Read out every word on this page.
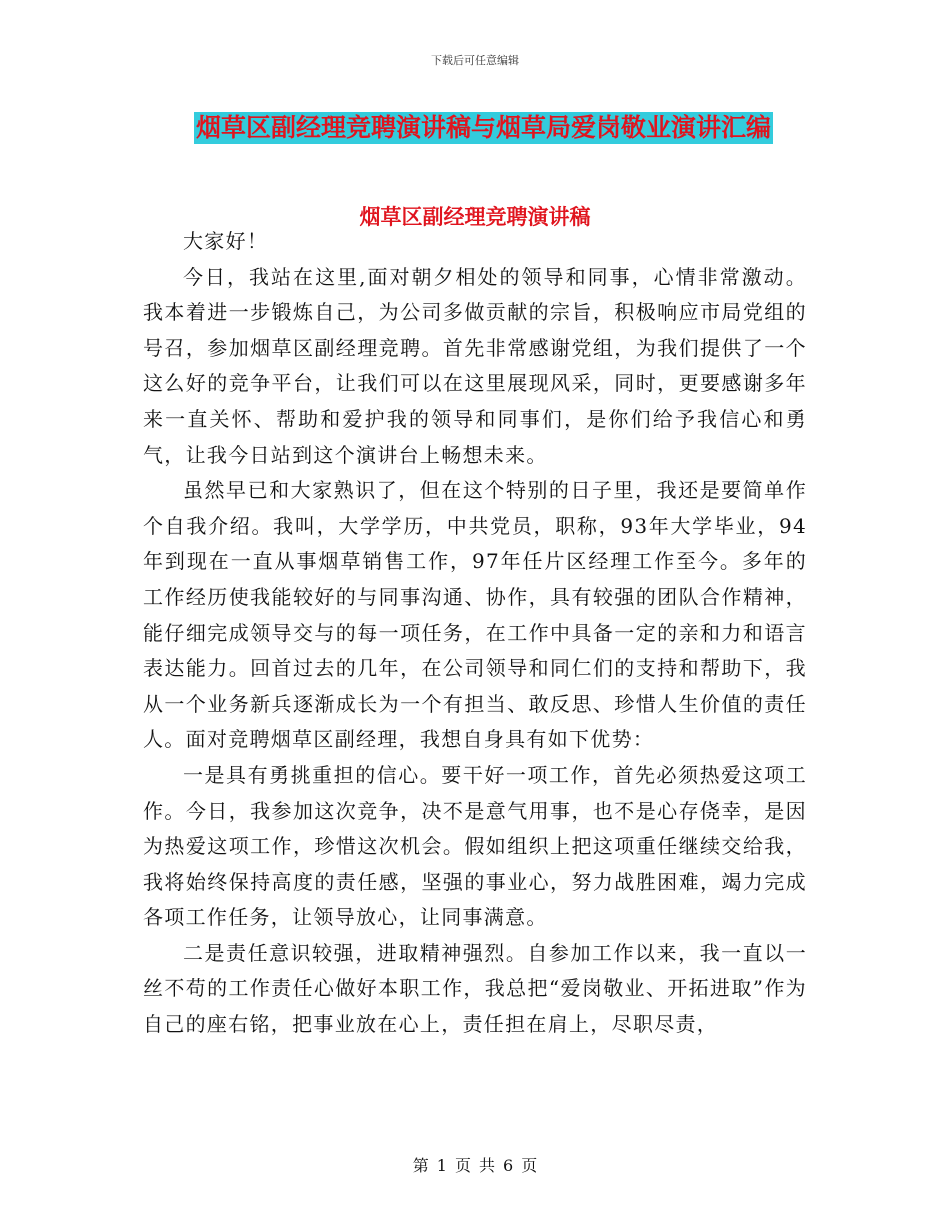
下载后可任意编辑
烟草区副经理竞聘演讲稿与烟草局爱岗敬业演讲汇编
烟草区副经理竞聘演讲稿

大家好！

今日，我站在这里,面对朝夕相处的领导和同事，心情非常激动。我本着进一步锻炼自己，为公司多做贡献的宗旨，积极响应市局党组的号召，参加烟草区副经理竞聘。首先非常感谢党组，为我们提供了一个这么好的竞争平台，让我们可以在这里展现风采，同时，更要感谢多年来一直关怀、帮助和爱护我的领导和同事们，是你们给予我信心和勇气，让我今日站到这个演讲台上畅想未来。

虽然早已和大家熟识了，但在这个特别的日子里，我还是要简单作个自我介绍。我叫，大学学历，中共党员，职称，93年大学毕业，94年到现在一直从事烟草销售工作，97年任片区经理工作至今。多年的工作经历使我能较好的与同事沟通、协作，具有较强的团队合作精神，能仔细完成领导交与的每一项任务，在工作中具备一定的亲和力和语言表达能力。回首过去的几年，在公司领导和同仁们的支持和帮助下，我从一个业务新兵逐渐成长为一个有担当、敢反思、珍惜人生价值的责任人。面对竞聘烟草区副经理，我想自身具有如下优势：

一是具有勇挑重担的信心。要干好一项工作，首先必须热爱这项工作。今日，我参加这次竞争，决不是意气用事，也不是心存侥幸，是因为热爱这项工作，珍惜这次机会。假如组织上把这项重任继续交给我，我将始终保持高度的责任感，坚强的事业心，努力战胜困难，竭力完成各项工作任务，让领导放心，让同事满意。

二是责任意识较强，进取精神强烈。自参加工作以来，我一直以一丝不苟的工作责任心做好本职工作，我总把“爱岗敬业、开拓进取”作为自己的座右铭，把事业放在心上，责任担在肩上，尽职尽责，

第 1 页 共 6 页
